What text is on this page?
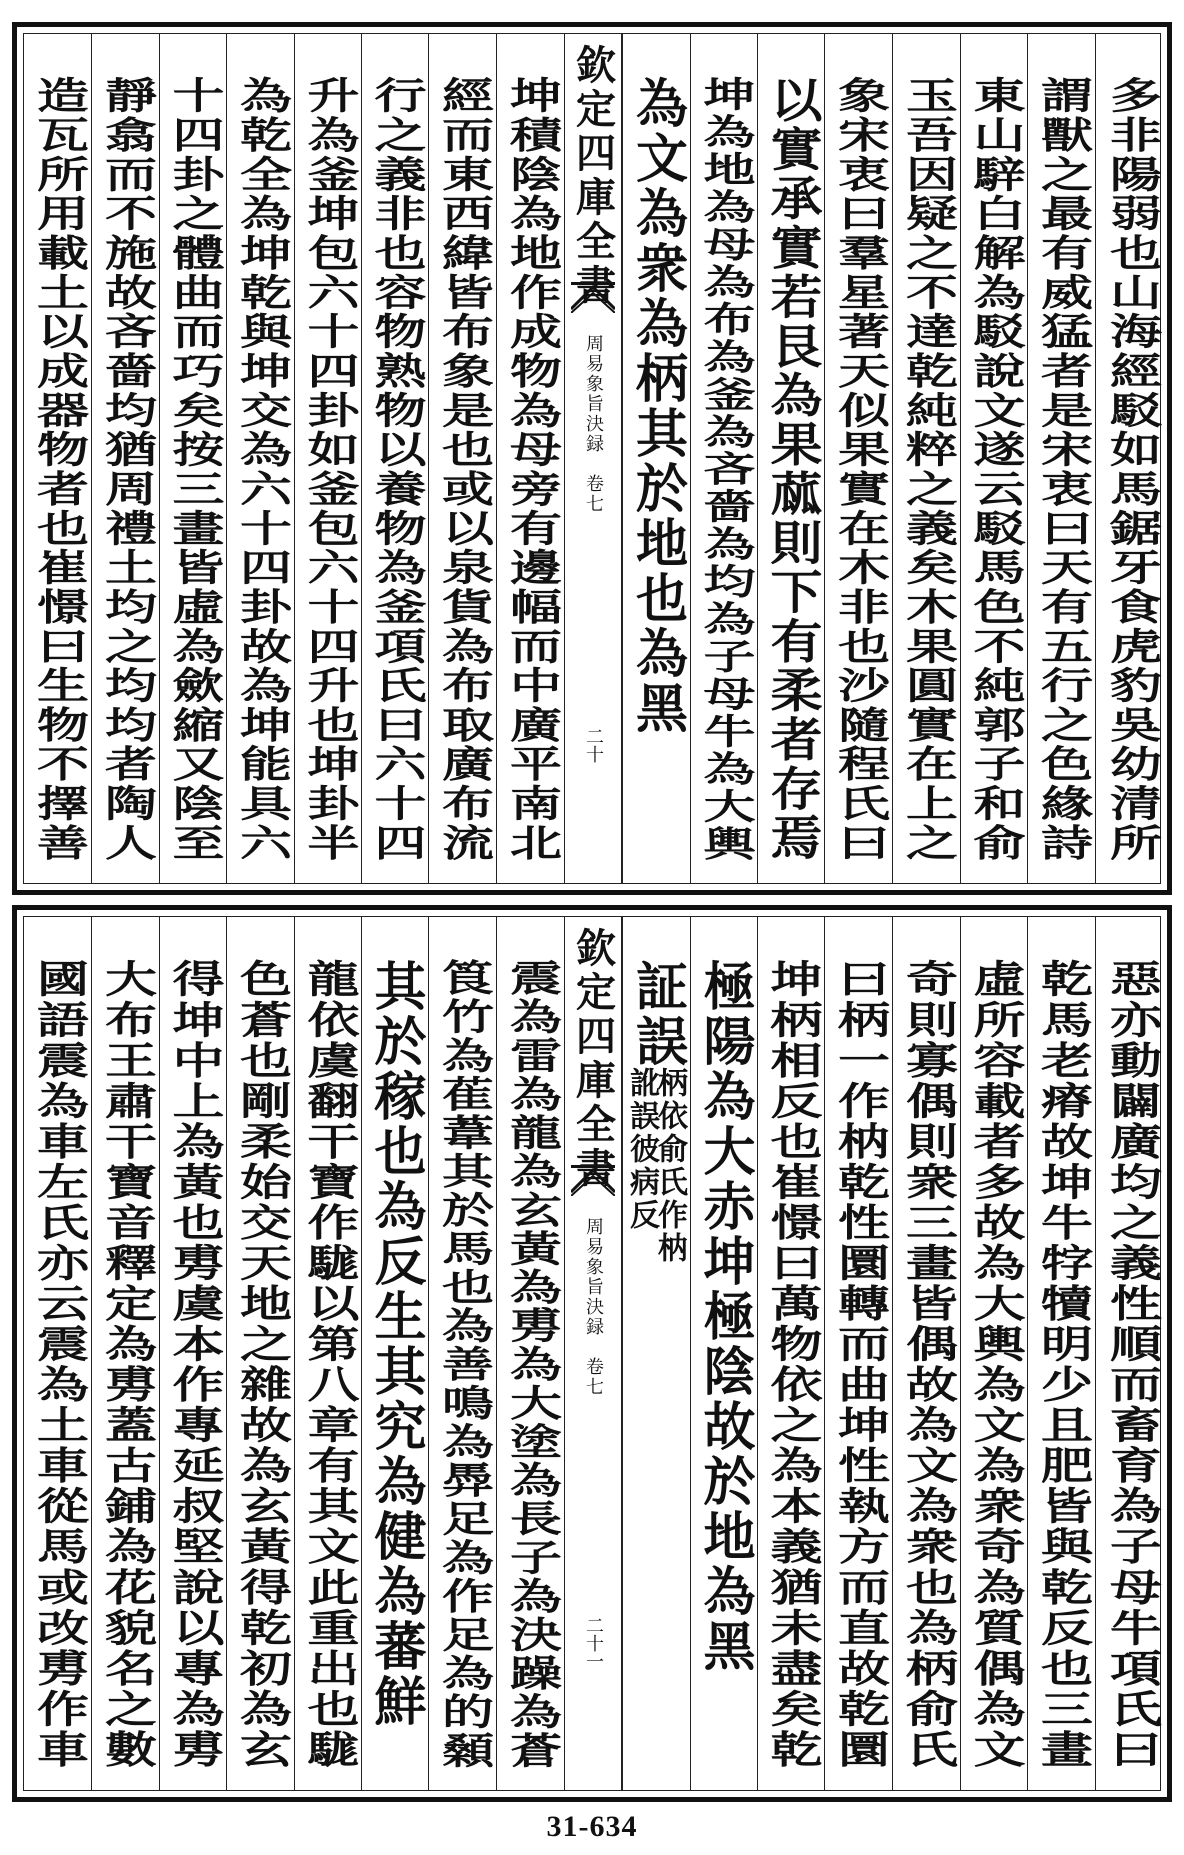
多非陽弱也山海經駁如馬鋸牙食虎豹吳幼清所
謂獸之最有威猛者是宋衷曰天有五行之色緣詩
東山騂白解為駁說文遂云駁馬色不純郭子和俞
玉吾因疑之不達乾純粹之義矣木果圓實在上之
象宋衷曰羣星著天似果實在木非也沙隨程氏曰
以實承實若艮為果蓏則下有柔者存焉
坤為地為母為布為釜為吝嗇為均為子母牛為大輿
為文為衆為柄其於地也為黑
欽定四庫全書
周易象旨決録　卷七
二十
坤積陰為地作成物為母旁有邊幅而中廣平南北
經而東西緯皆布象是也或以泉貨為布取廣布流
行之義非也容物熟物以養物為釜項氏曰六十四
升為釜坤包六十四卦如釜包六十四升也坤卦半
為乾全為坤乾與坤交為六十四卦故為坤能具六
十四卦之體曲而巧矣按三畫皆虛為歛縮又陰至
靜翕而不施故吝嗇均猶周禮土均之均均者陶人
造瓦所用載土以成器物者也崔憬曰生物不擇善
惡亦動闢廣均之義性順而畜育為子母牛項氏曰
乾馬老瘠故坤牛牸犢明少且肥皆與乾反也三畫
虛所容載者多故為大輿為文為衆奇為質偶為文
奇則寡偶則衆三畫皆偶故為文為衆也為柄俞氏
曰柄一作枘乾性圜轉而曲坤性執方而直故乾圜
坤柄相反也崔憬曰萬物依之為本義猶未盡矣乾
極陽為大赤坤極陰故於地為黑
証誤
柄依俞氏作枘
訛誤彼病反
欽定四庫全書
周易象旨決録　卷七
二十一
震為雷為龍為玄黃為旉為大塗為長子為決躁為蒼
筤竹為萑葦其於馬也為善鳴為馵足為作足為的顙
其於稼也為反生其究為健為蕃鮮
龍依虞翻干寶作駹以第八章有其文此重出也駹
色蒼也剛柔始交天地之雜故為玄黃得乾初為玄
得坤中上為黃也旉虞本作專延叔堅說以專為旉
大布王肅干寶音釋定為旉蓋古鋪為花貌名之數
國語震為車左氏亦云震為土車從馬或改旉作車
31-634
